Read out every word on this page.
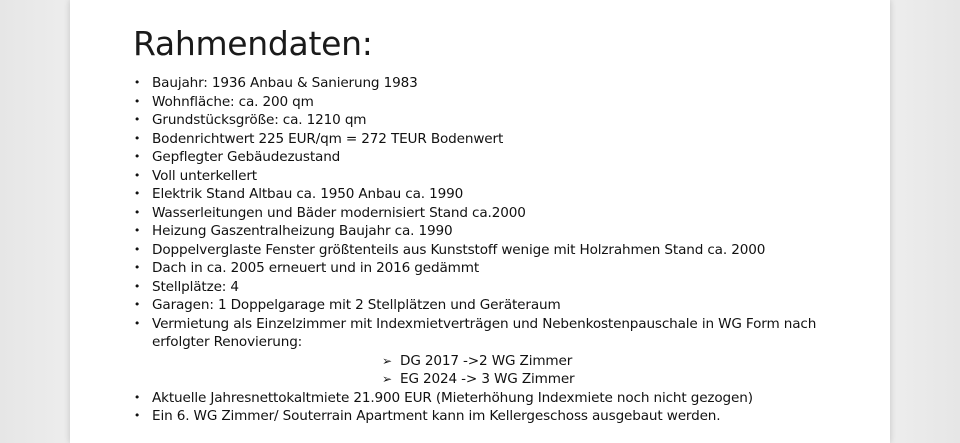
Rahmendaten:
• Baujahr: 1936 Anbau & Sanierung 1983
• Wohnfläche: ca. 200 qm
• Grundstücksgröße: ca. 1210 qm
• Bodenrichtwert 225 EUR/qm = 272 TEUR Bodenwert
• Gepflegter Gebäudezustand
• Voll unterkellert
• Elektrik Stand Altbau ca. 1950 Anbau ca. 1990
• Wasserleitungen und Bäder modernisiert Stand ca.2000
• Heizung Gaszentralheizung Baujahr ca. 1990
• Doppelverglaste Fenster größtenteils aus Kunststoff wenige mit Holzrahmen Stand ca. 2000
• Dach in ca. 2005 erneuert und in 2016 gedämmt
• Stellplätze: 4
• Garagen: 1 Doppelgarage mit 2 Stellplätzen und Geräteraum
• Vermietung als Einzelzimmer mit Indexmietverträgen und Nebenkostenpauschale in WG Form nach erfolgter Renovierung:
➢ DG 2017 ->2 WG Zimmer
➢ EG 2024 -> 3 WG Zimmer
• Aktuelle Jahresnettokaltmiete 21.900 EUR (Mieterhöhung Indexmiete noch nicht gezogen)
• Ein 6. WG Zimmer/ Souterrain Apartment kann im Kellergeschoss ausgebaut werden.
